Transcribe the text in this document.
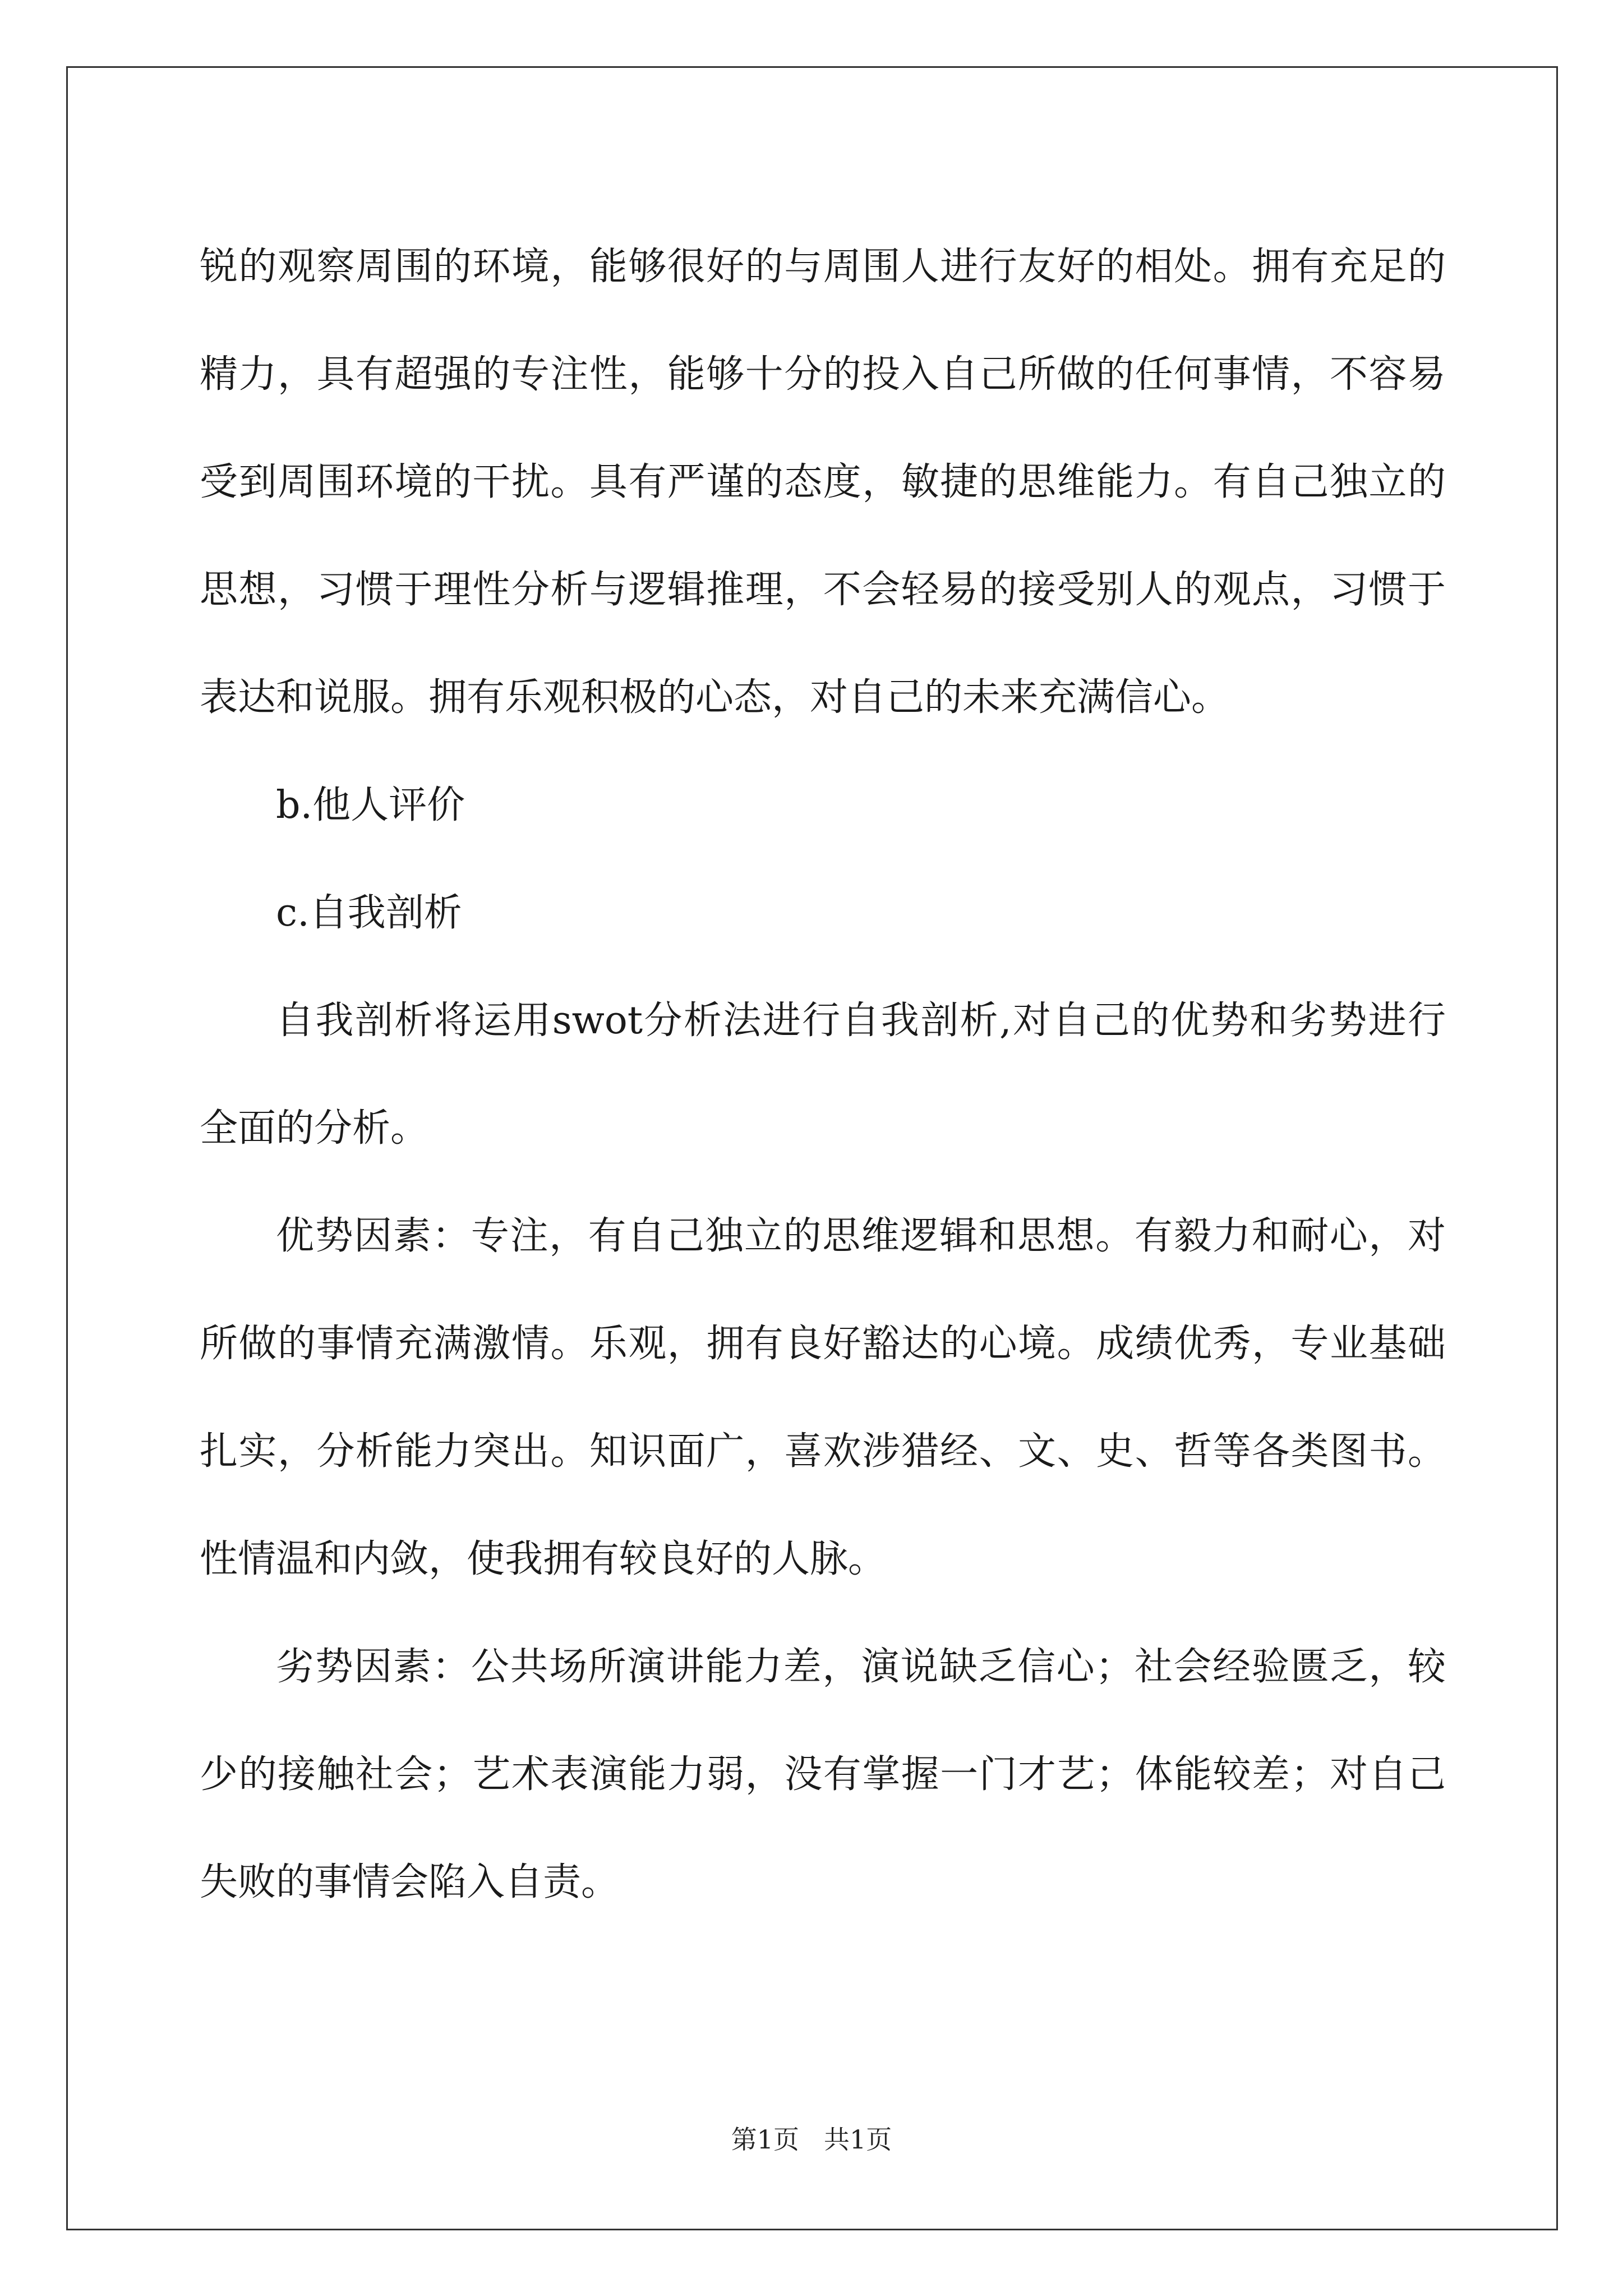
锐的观察周围的环境，能够很好的与周围人进行友好的相处。拥有充足的精力，具有超强的专注性，能够十分的投入自己所做的任何事情，不容易受到周围环境的干扰。具有严谨的态度，敏捷的思维能力。有自己独立的思想，习惯于理性分析与逻辑推理，不会轻易的接受别人的观点，习惯于表达和说服。拥有乐观积极的心态，对自己的未来充满信心。

b.他人评价

c.自我剖析

自我剖析将运用swot分析法进行自我剖析,对自己的优势和劣势进行全面的分析。

优势因素：专注，有自己独立的思维逻辑和思想。有毅力和耐心，对所做的事情充满激情。乐观，拥有良好豁达的心境。成绩优秀，专业基础扎实，分析能力突出。知识面广，喜欢涉猎经、文、史、哲等各类图书。性情温和内敛，使我拥有较良好的人脉。

劣势因素：公共场所演讲能力差，演说缺乏信心；社会经验匮乏，较少的接触社会；艺术表演能力弱，没有掌握一门才艺；体能较差；对自己失败的事情会陷入自责。

第1页 共1页
